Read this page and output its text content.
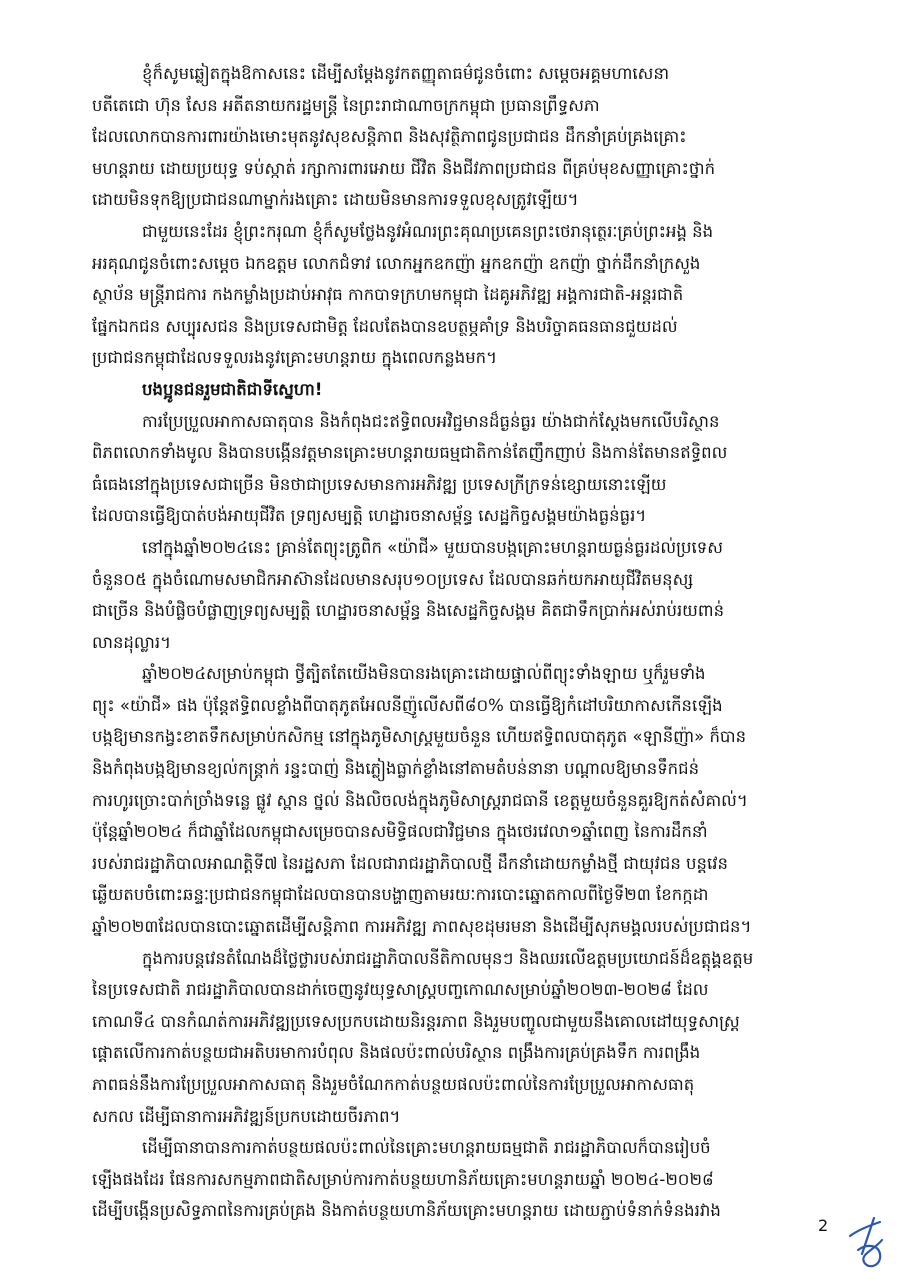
ខ្ញុំក៏សូមឆ្លៀតក្នុងឱកាសនេះ ដើម្បីសម្តែងនូវកតញ្ញុតាធម៌ជូនចំពោះ សម្តេចអគ្គមហាសេនា
បតីតេជោ ហ៊ុន សែន អតីតនាយករដ្ឋមន្ត្រី នៃព្រះរាជាណាចក្រកម្ពុជា ប្រធានព្រឹទ្ធសភា
ដែលលោកបានការពារយ៉ាងមោះមុតនូវសុខសន្តិភាព និងសុវត្ថិភាពជូនប្រជាជន ដឹកនាំគ្រប់គ្រងគ្រោះ
មហន្តរាយ ដោយប្រយុទ្ធ ទប់ស្កាត់ រក្សាការពារអោយ ជីវិត និងជីវភាពប្រជាជន ពីគ្រប់មុខសញ្ញាគ្រោះថ្នាក់
ដោយមិនទុកឱ្យប្រជាជនណាម្នាក់រងគ្រោះ ដោយមិនមានការទទួលខុសត្រូវឡើយ។
ជាមួយនេះដែរ ខ្ញុំព្រះករុណា ខ្ញុំក៏សូមថ្លែងនូវអំណរព្រះគុណប្រគេនព្រះថេរានុត្ថេរៈគ្រប់ព្រះអង្គ និង
អរគុណជូនចំពោះសម្តេច ឯកឧត្តម លោកជំទាវ លោកអ្នកឧកញ៉ា អ្នកឧកញ៉ា ឧកញ៉ា ថ្នាក់ដឹកនាំក្រសួង
ស្ថាប័ន មន្ត្រីរាជការ កងកម្លាំងប្រដាប់អាវុធ កាកបាទក្រហមកម្ពុជា ដៃគូអភិវឌ្ឍ អង្គការជាតិ-អន្តរជាតិ
ផ្នែកឯកជន សប្បុរសជន និងប្រទេសជាមិត្ត ដែលតែងបានឧបត្ថម្ភគាំទ្រ និងបរិច្ចាគធនធានជួយដល់
ប្រជាជនកម្ពុជាដែលទទួលរងនូវគ្រោះមហន្តរាយ ក្នុងពេលកន្លងមក។
បងប្អូនជនរួមជាតិជាទីស្នេហា!
ការប្រែប្រួលអាកាសធាតុបាន និងកំពុងជះឥទ្ធិពលអវិជ្ជមានដ៏ធ្ងន់ធ្ងរ យ៉ាងជាក់ស្តែងមកលើបរិស្ថាន
ពិភពលោកទាំងមូល និងបានបង្កើនវត្តមានគ្រោះមហន្តរាយធម្មជាតិកាន់តែញឹកញាប់ និងកាន់តែមានឥទ្ធិពល
ធំធេងនៅក្នុងប្រទេសជាច្រើន មិនថាជាប្រទេសមានការអភិវឌ្ឍ ប្រទេសក្រីក្រទន់ខ្សោយនោះឡើយ
ដែលបានធ្វើឱ្យបាត់បង់អាយុជីវិត ទ្រព្យសម្បត្តិ ហេដ្ឋារចនាសម្ព័ន្ធ សេដ្ឋកិច្ចសង្គមយ៉ាងធ្ងន់ធ្ងរ។
នៅក្នុងឆ្នាំ២០២៤នេះ គ្រាន់តែព្យុះត្រូពិក «យ៉ាជី» មួយបានបង្កគ្រោះមហន្តរាយធ្ងន់ធ្ងរដល់ប្រទេស
ចំនួន០៥ ក្នុងចំណោមសមាជិកអាស៊ានដែលមានសរុប១០ប្រទេស ដែលបានឆក់យកអាយុជីវិតមនុស្ស
ជាច្រើន និងបំផ្លិចបំផ្លាញទ្រព្យសម្បត្តិ ហេដ្ឋារចនាសម្ព័ន្ធ និងសេដ្ឋកិច្ចសង្គម គិតជាទឹកប្រាក់អស់រាប់រយពាន់
លានដុល្លារ។
ឆ្នាំ២០២៤សម្រាប់កម្ពុជា ថ្វីត្បិតតែយើងមិនបានរងគ្រោះដោយផ្ទាល់ពីព្យុះទាំងឡាយ ឬក៏រួមទាំង
ព្យុះ «យ៉ាជី» ផង ប៉ុន្តែឥទ្ធិពលខ្លាំងពីបាតុភូតអែលនីញ៉ូលើសពី៨០% បានធ្វើឱ្យកំដៅបរិយាកាសកើនឡើង
បង្កឱ្យមានកង្វះខាតទឹកសម្រាប់កសិកម្ម នៅក្នុងភូមិសាស្ត្រមួយចំនួន ហើយឥទ្ធិពលបាតុភូត «ឡានីញ៉ា» ក៏បាន
និងកំពុងបង្កឱ្យមានខ្យល់កន្ត្រាក់ រន្ទះបាញ់ និងភ្លៀងធ្លាក់ខ្លាំងនៅតាមតំបន់នានា បណ្តាលឱ្យមានទឹកជន់
ការហូរច្រោះបាក់ច្រាំងទន្លេ ផ្លូវ ស្ពាន ថ្នល់ និងលិចលង់ក្នុងភូមិសាស្ត្ររាជធានី ខេត្តមួយចំនួនគួរឱ្យកត់សំគាល់។
ប៉ុន្តែឆ្នាំ២០២៤ ក៏ជាឆ្នាំដែលកម្ពុជាសម្រេចបានសមិទ្ធិផលជាវិជ្ជមាន ក្នុងថេរវេលា១ឆ្នាំពេញ នៃការដឹកនាំ
របស់រាជរដ្ឋាភិបាលអាណត្តិទី៧ នៃរដ្ឋសភា ដែលជារាជរដ្ឋាភិបាលថ្មី ដឹកនាំដោយកម្លាំងថ្មី ជាយុវជន បន្តវេន
ឆ្លើយតបចំពោះឆន្ទៈប្រជាជនកម្ពុជាដែលបានបានបង្ហាញតាមរយៈការបោះឆ្នោតកាលពីថ្ងៃទី២៣ ខែកក្កដា
ឆ្នាំ២០២៣ដែលបានបោះឆ្នោតដើម្បីសន្តិភាព ការអភិវឌ្ឍ ភាពសុខដុមរមនា និងដើម្បីសុភមង្គលរបស់ប្រជាជន។
ក្នុងការបន្តវេនតំណែងដ៏ថ្លៃថ្លារបស់រាជរដ្ឋាភិបាលនីតិកាលមុនៗ និងឈរលើឧត្តមប្រយោជន៍ដ៏ឧត្តុង្គឧត្តម
នៃប្រទេសជាតិ រាជរដ្ឋាភិបាលបានដាក់ចេញនូវយុទ្ធសាស្ត្របញ្ចកោណសម្រាប់ឆ្នាំ២០២៣-២០២៨ ដែល
កោណទី៤ បានកំណត់ការអភិវឌ្ឍប្រទេសប្រកបដោយនិរន្តរភាព និងរួមបញ្ចូលជាមួយនឹងគោលដៅយុទ្ធសាស្ត្រ
ផ្តោតលើការកាត់បន្ថយជាអតិបរមាការបំពុល និងផលប៉ះពាល់បរិស្ថាន ពង្រឹងការគ្រប់គ្រងទឹក ការពង្រឹង
ភាពធន់នឹងការប្រែប្រួលអាកាសធាតុ និងរួមចំណែកកាត់បន្ថយផលប៉ះពាល់នៃការប្រែប្រួលអាកាសធាតុ
សកល ដើម្បីធានាការអភិវឌ្ឍន៍ប្រកបដោយចីរភាព។
ដើម្បីធានាបានការកាត់បន្ថយផលប៉ះពាល់នៃគ្រោះមហន្តរាយធម្មជាតិ រាជរដ្ឋាភិបាលក៏បានរៀបចំ
ឡើងផងដែរ ផែនការសកម្មភាពជាតិសម្រាប់ការកាត់បន្ថយហានិភ័យគ្រោះមហន្តរាយឆ្នាំ ២០២៤-២០២៨
ដើម្បីបង្កើនប្រសិទ្ធភាពនៃការគ្រប់គ្រង និងកាត់បន្ថយហានិភ័យគ្រោះមហន្តរាយ ដោយភ្ជាប់ទំនាក់ទំនងរវាង
2
